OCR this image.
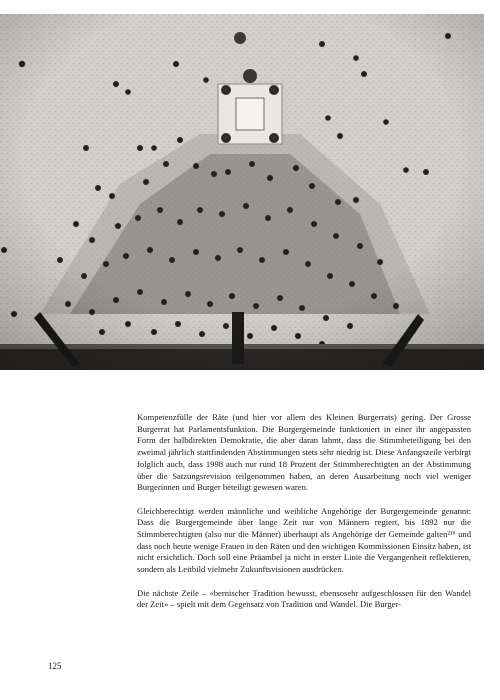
Kompetenzfülle der Räte (und hier vor allem des Kleinen Burgerrats) gering. Der Grosse Burgerrat hat Parlamentsfunktion. Die Burgergemeinde funktioniert in einer ihr angepassten Form der halbdirekten Demokratie, die aber daran lahmt, dass die Stimmbeteiligung bei den zweimal jährlich stattfindenden Abstimmungen stets sehr niedrig ist. Diese Anfangszeile verbirgt folglich auch, dass 1998 auch nur rund 18 Prozent der Stimmberechtigten an der Abstimmung über die Satzungsrevision teilgenommen haben, an deren Ausarbeitung noch viel weniger Burgerinnen und Burger beteiligt gewesen waren.

Gleichberechtigt werden männliche und weibliche Angehörige der Burgergemeinde genannt: Dass die Burgergemeinde über lange Zeit nur von Männern regiert, bis 1892 nur die Stimmberechtigten (also nur die Männer) überhaupt als Angehörige der Gemeinde galten²¹⁶ und dass noch heute wenige Frauen in den Räten und den wichtigen Kommissionen Einsitz haben, ist nicht ersichtlich. Doch soll eine Präambel ja nicht in erster Linie die Vergangenheit reflektieren, sondern als Leitbild vielmehr Zukunftsvisionen ausdrücken.

Die nächste Zeile – «bernischer Tradition bewusst, ebensosehr aufgeschlossen für den Wandel der Zeit» – spielt mit dem Gegensatz von Tradition und Wandel. Die Burger-

125
